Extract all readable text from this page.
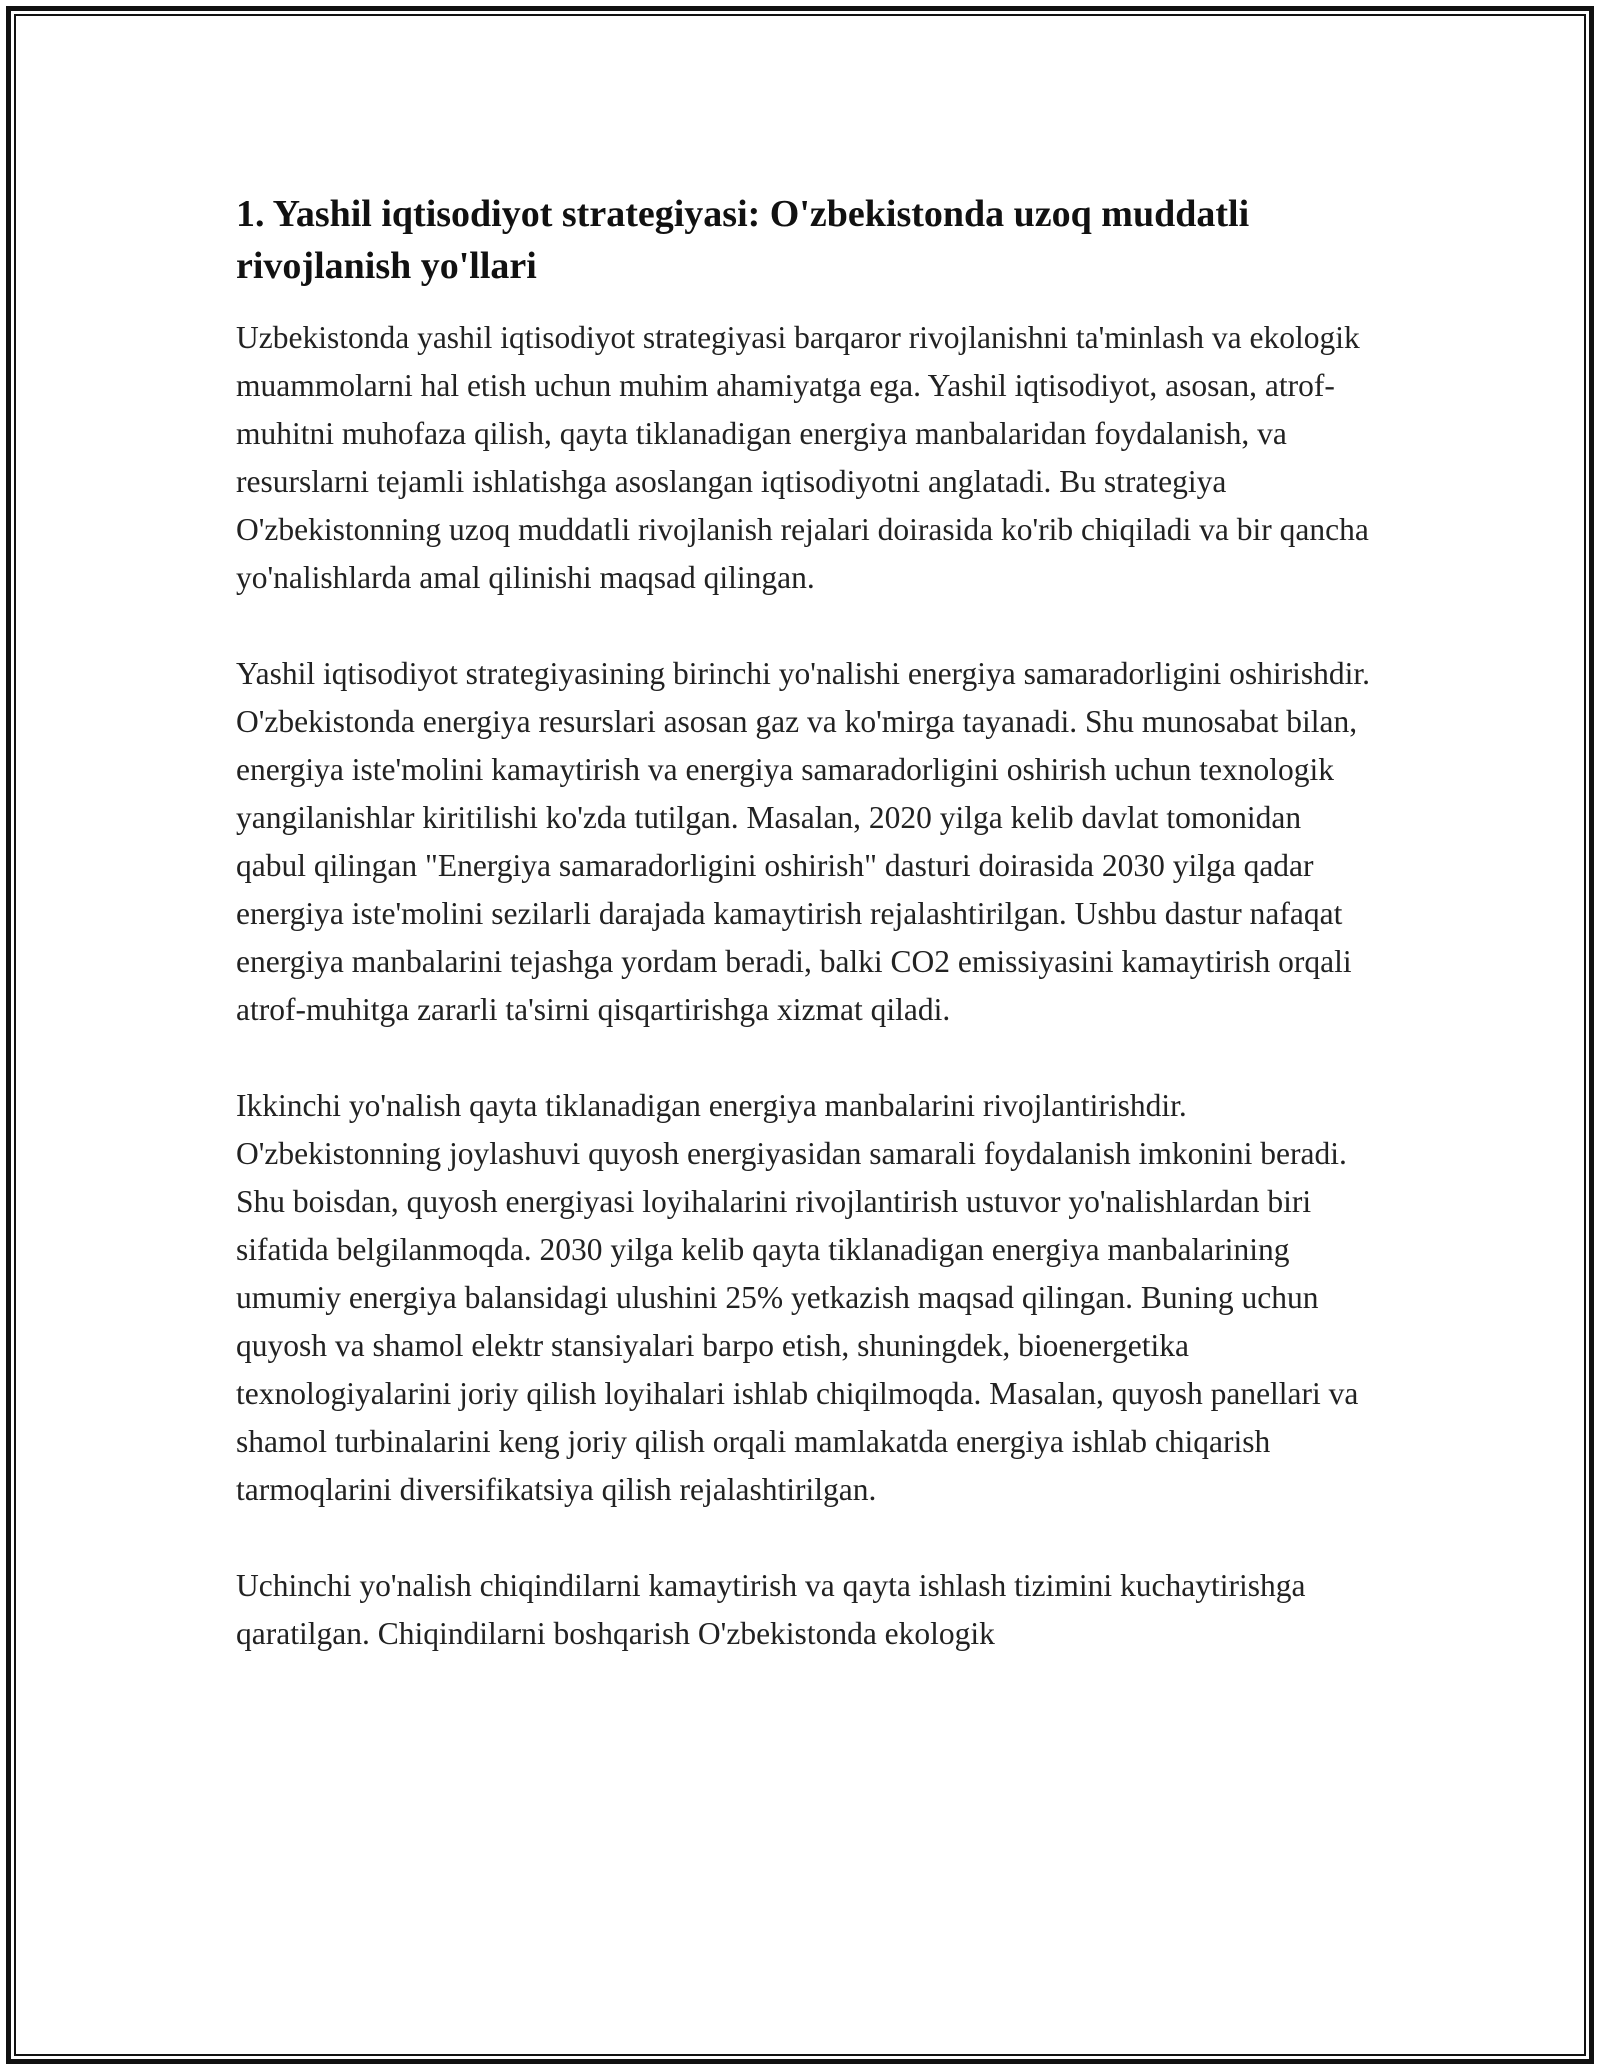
1. Yashil iqtisodiyot strategiyasi: O'zbekistonda uzoq muddatli rivojlanish yo'llari

Uzbekistonda yashil iqtisodiyot strategiyasi barqaror rivojlanishni ta'minlash va ekologik muammolarni hal etish uchun muhim ahamiyatga ega. Yashil iqtisodiyot, asosan, atrof-muhitni muhofaza qilish, qayta tiklanadigan energiya manbalaridan foydalanish, va resurslarni tejamli ishlatishga asoslangan iqtisodiyotni anglatadi. Bu strategiya O'zbekistonning uzoq muddatli rivojlanish rejalari doirasida ko'rib chiqiladi va bir qancha yo'nalishlarda amal qilinishi maqsad qilingan.

Yashil iqtisodiyot strategiyasining birinchi yo'nalishi energiya samaradorligini oshirishdir. O'zbekistonda energiya resurslari asosan gaz va ko'mirga tayanadi. Shu munosabat bilan, energiya iste'molini kamaytirish va energiya samaradorligini oshirish uchun texnologik yangilanishlar kiritilishi ko'zda tutilgan. Masalan, 2020 yilga kelib davlat tomonidan qabul qilingan "Energiya samaradorligini oshirish" dasturi doirasida 2030 yilga qadar energiya iste'molini sezilarli darajada kamaytirish rejalashtirilgan. Ushbu dastur nafaqat energiya manbalarini tejashga yordam beradi, balki CO2 emissiyasini kamaytirish orqali atrof-muhitga zararli ta'sirni qisqartirishga xizmat qiladi.

Ikkinchi yo'nalish qayta tiklanadigan energiya manbalarini rivojlantirishdir. O'zbekistonning joylashuvi quyosh energiyasidan samarali foydalanish imkonini beradi. Shu boisdan, quyosh energiyasi loyihalarini rivojlantirish ustuvor yo'nalishlardan biri sifatida belgilanmoqda. 2030 yilga kelib qayta tiklanadigan energiya manbalarining umumiy energiya balansidagi ulushini 25% yetkazish maqsad qilingan. Buning uchun quyosh va shamol elektr stansiyalari barpo etish, shuningdek, bioenergetika texnologiyalarini joriy qilish loyihalari ishlab chiqilmoqda. Masalan, quyosh panellari va shamol turbinalarini keng joriy qilish orqali mamlakatda energiya ishlab chiqarish tarmoqlarini diversifikatsiya qilish rejalashtirilgan.

Uchinchi yo'nalish chiqindilarni kamaytirish va qayta ishlash tizimini kuchaytirishga qaratilgan. Chiqindilarni boshqarish O'zbekistonda ekologik
